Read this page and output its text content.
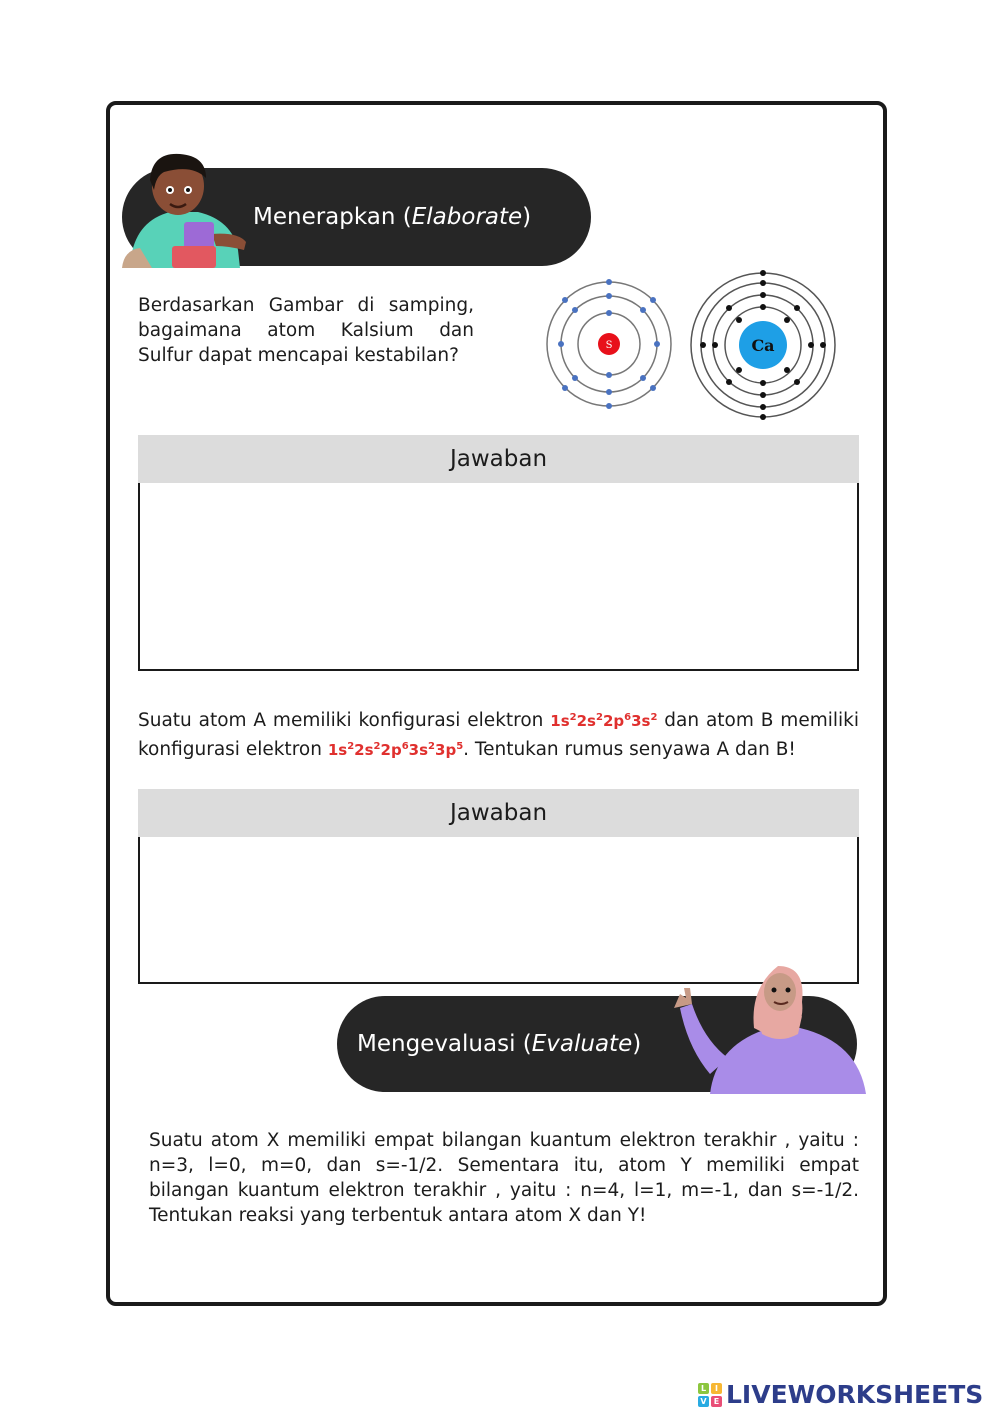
Menerapkan ( Elaborate )
Berdasarkan Gambar di samping, bagaimana atom Kalsium dan Sulfur dapat mencapai kestabilan?	S	Ca
Jawaban
Suatu atom A memiliki konfigurasi elektron $1s^22s^22p^63s^2$ dan atom B memiliki konfigurasi elektron $1s^22s^22p^63s^23p^5$. Tentukan rumus senyawa A dan B!
Jawaban
Mengevaluasi ( Evaluate )
Suatu atom X memiliki empat bilangan kuantum elektron terakhir , yaitu : n=3, l=0, m=0, dan s=-1/2. Sementara itu, atom Y memiliki empat bilangan kuantum elektron terakhir , yaitu : n=4, l=1, m=-1, dan s=-1/2. Tentukan reaksi yang terbentuk antara atom X dan Y!
L	I
V E LIVEWORKSHEETS
